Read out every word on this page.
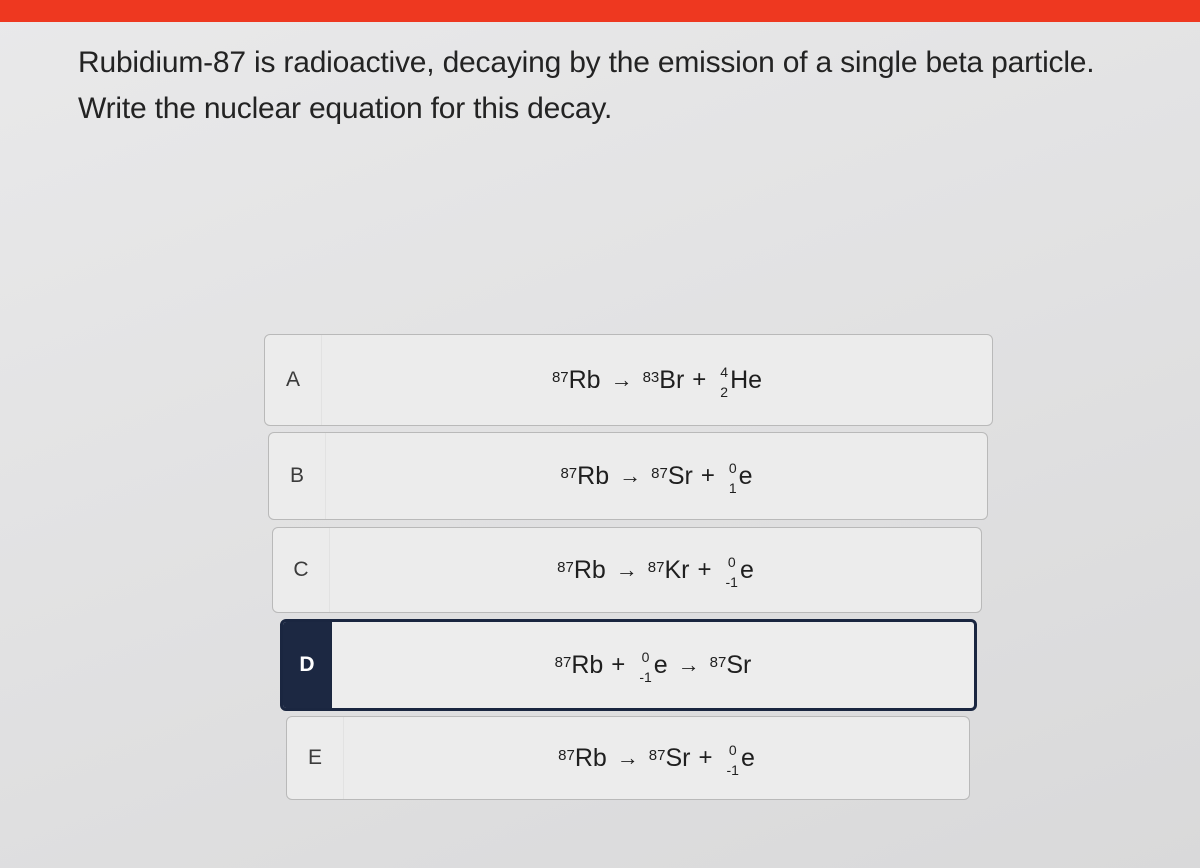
Rubidium-87 is radioactive, decaying by the emission of a single beta particle.
Write the nuclear equation for this decay.
A	87 Rb → 83 Br + 4
2 He
B	87 Rb → 87 Sr + 0
1 e
C	87 Rb → 87 Kr + 0
-1 e
D	87 Rb + 0
-1 e → 87 Sr
E	87 Rb → 87 Sr + 0
-1 e
